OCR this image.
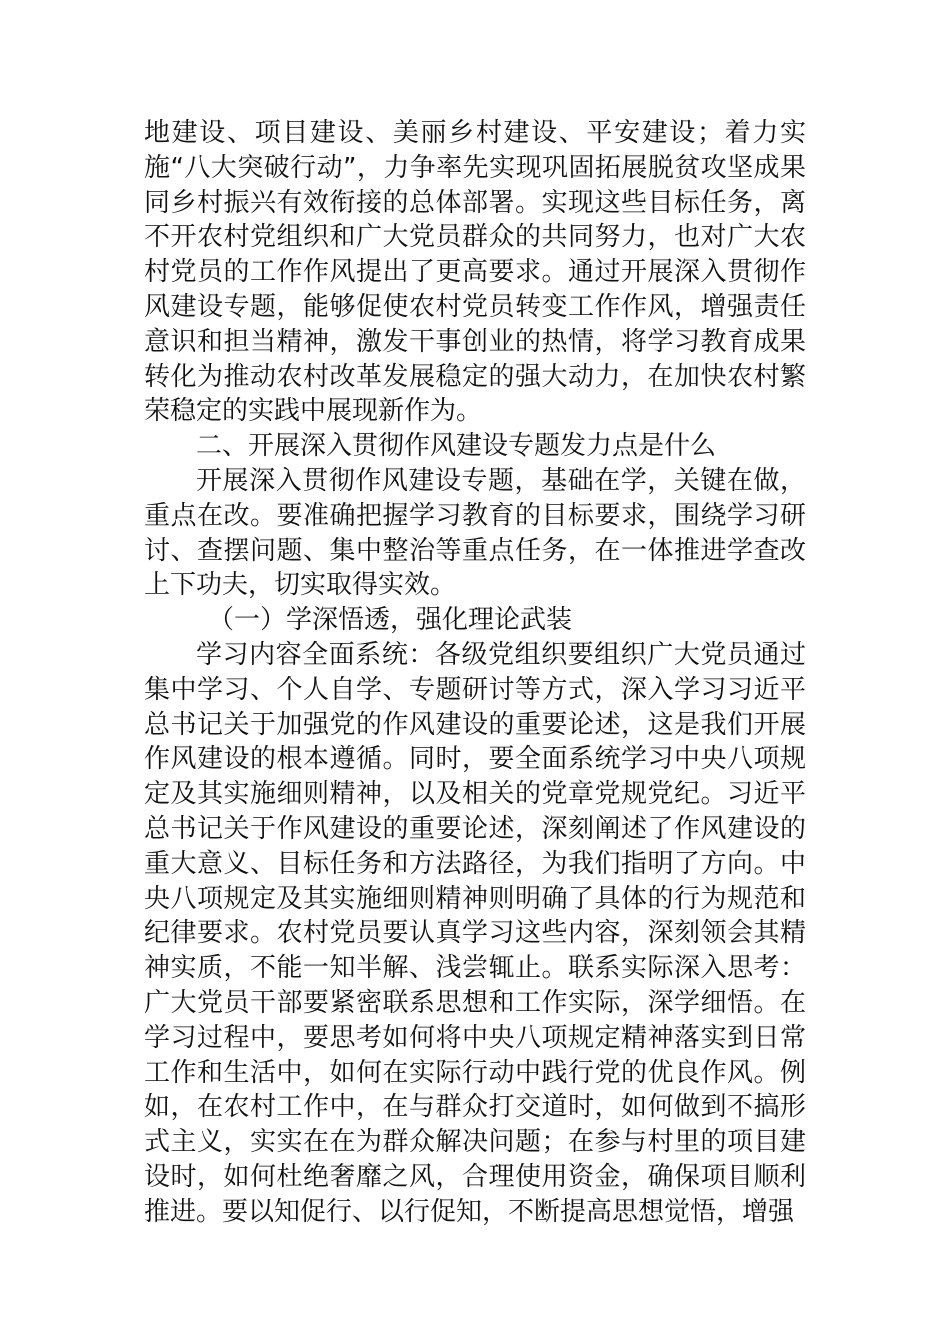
地建设、项目建设、美丽乡村建设、平安建设；着力实施“八大突破行动”，力争率先实现巩固拓展脱贫攻坚成果同乡村振兴有效衔接的总体部署。实现这些目标任务，离不开农村党组织和广大党员群众的共同努力，也对广大农村党员的工作作风提出了更高要求。通过开展深入贯彻作风建设专题，能够促使农村党员转变工作作风，增强责任意识和担当精神，激发干事创业的热情，将学习教育成果转化为推动农村改革发展稳定的强大动力，在加快农村繁荣稳定的实践中展现新作为。

二、开展深入贯彻作风建设专题发力点是什么

开展深入贯彻作风建设专题，基础在学，关键在做，重点在改。要准确把握学习教育的目标要求，围绕学习研讨、查摆问题、集中整治等重点任务，在一体推进学查改上下功夫，切实取得实效。

（一）学深悟透，强化理论武装

学习内容全面系统：各级党组织要组织广大党员通过集中学习、个人自学、专题研讨等方式，深入学习习近平总书记关于加强党的作风建设的重要论述，这是我们开展作风建设的根本遵循。同时，要全面系统学习中央八项规定及其实施细则精神，以及相关的党章党规党纪。习近平总书记关于作风建设的重要论述，深刻阐述了作风建设的重大意义、目标任务和方法路径，为我们指明了方向。中央八项规定及其实施细则精神则明确了具体的行为规范和纪律要求。农村党员要认真学习这些内容，深刻领会其精神实质，不能一知半解、浅尝辄止。联系实际深入思考：广大党员干部要紧密联系思想和工作实际，深学细悟。在学习过程中，要思考如何将中央八项规定精神落实到日常工作和生活中，如何在实际行动中践行党的优良作风。例如，在农村工作中，在与群众打交道时，如何做到不搞形式主义，实实在在为群众解决问题；在参与村里的项目建设时，如何杜绝奢靡之风，合理使用资金，确保项目顺利推进。要以知促行、以行促知，不断提高思想觉悟，增强
